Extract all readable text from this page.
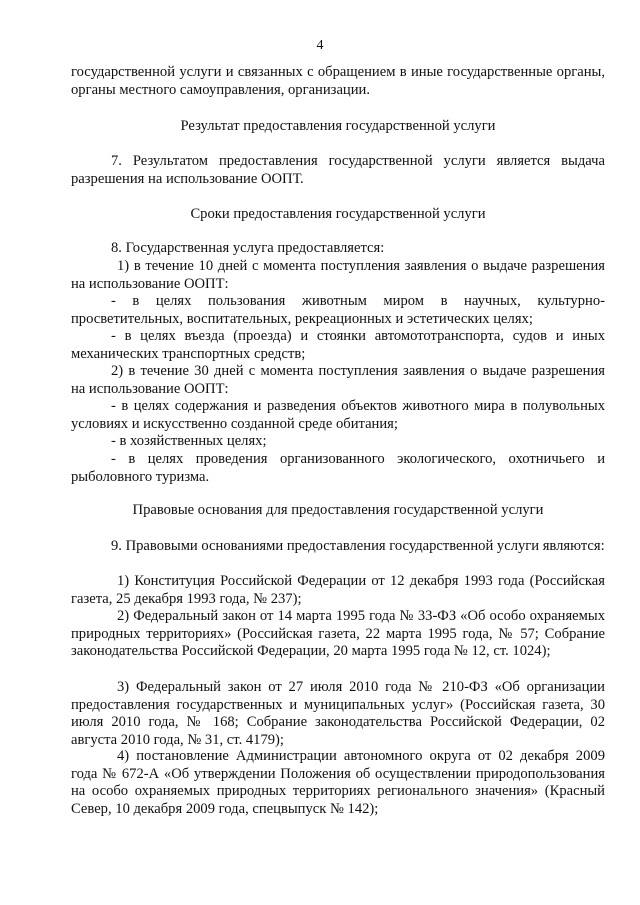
4

государственной услуги и связанных с обращением в иные государственные органы, органы местного самоуправления, организации.

Результат предоставления государственной услуги

7. Результатом предоставления государственной услуги является выдача разрешения на использование ООПТ.

Сроки предоставления государственной услуги

8. Государственная услуга предоставляется:

1) в течение 10 дней с момента поступления заявления о выдаче разрешения на использование ООПТ:

- в целях пользования животным миром в научных, культурно-просветительных, воспитательных, рекреационных и эстетических целях;

- в целях въезда (проезда) и стоянки автомототранспорта, судов и иных механических транспортных средств;

2) в течение 30 дней с момента поступления заявления о выдаче разрешения на использование ООПТ:

- в целях содержания и разведения объектов животного мира в полувольных условиях и искусственно созданной среде обитания;

- в хозяйственных целях;

- в целях проведения организованного экологического, охотничьего и рыболовного туризма.

Правовые основания для предоставления государственной услуги

9. Правовыми основаниями предоставления государственной услуги являются:

1) Конституция Российской Федерации от 12 декабря 1993 года (Российская газета, 25 декабря 1993 года, № 237);

2) Федеральный закон от 14 марта 1995 года № 33-ФЗ «Об особо охраняемых природных территориях» (Российская газета, 22 марта 1995 года, № 57; Собрание законодательства Российской Федерации, 20 марта 1995 года № 12, ст. 1024);

3) Федеральный закон от 27 июля 2010 года № 210-ФЗ «Об организации предоставления государственных и муниципальных услуг» (Российская газета, 30 июля 2010 года, № 168; Собрание законодательства Российской Федерации, 02 августа 2010 года, № 31, ст. 4179);

4) постановление Администрации автономного округа от 02 декабря 2009 года № 672-А «Об утверждении Положения об осуществлении природопользования на особо охраняемых природных территориях регионального значения» (Красный Север, 10 декабря 2009 года, спецвыпуск № 142);
